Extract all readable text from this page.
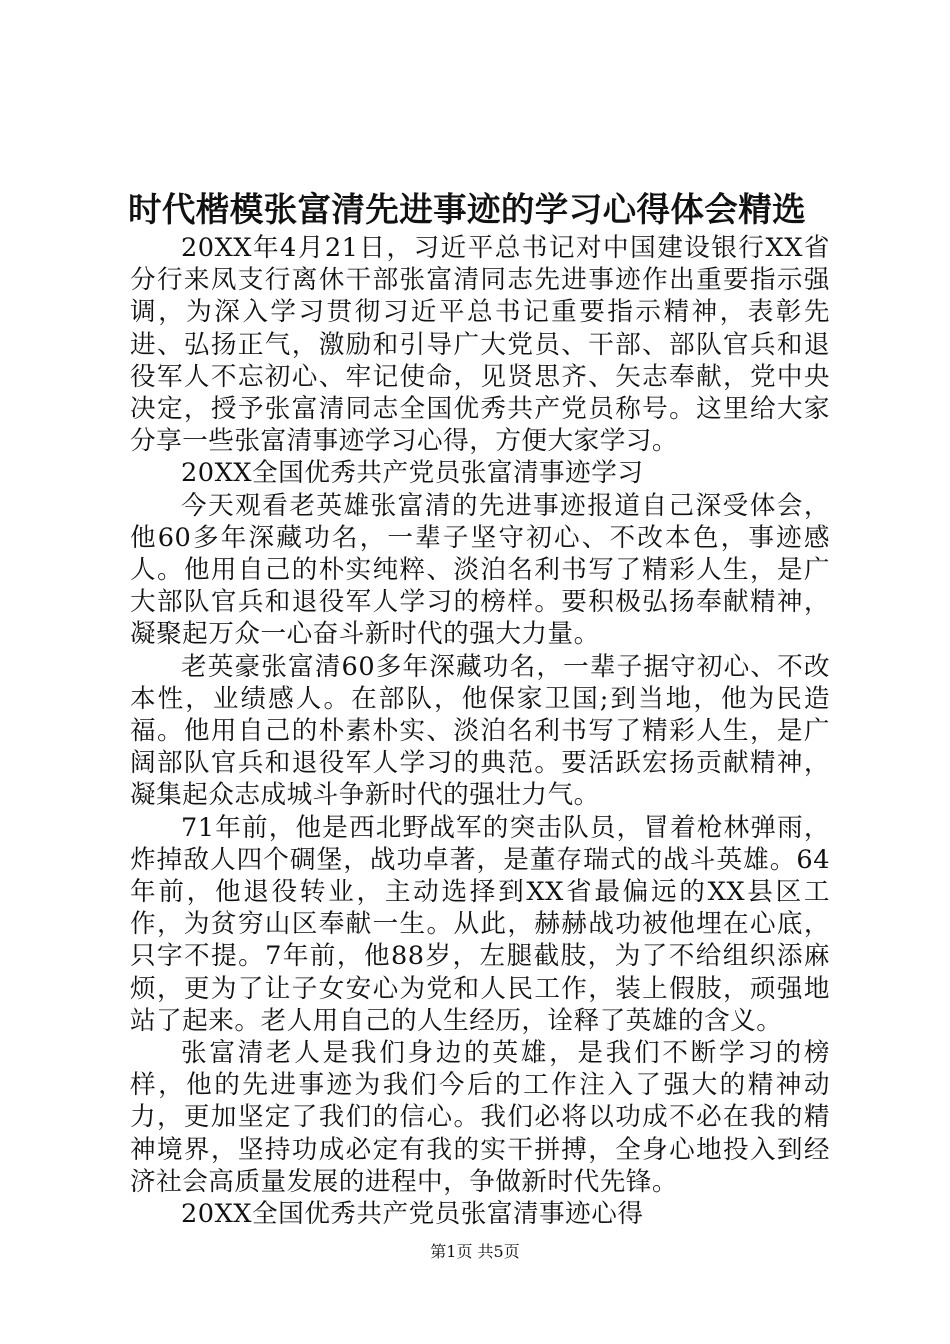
时代楷模张富清先进事迹的学习心得体会精选

20XX年4月21日，习近平总书记对中国建设银行XX省分行来凤支行离休干部张富清同志先进事迹作出重要指示强调，为深入学习贯彻习近平总书记重要指示精神，表彰先进、弘扬正气，激励和引导广大党员、干部、部队官兵和退役军人不忘初心、牢记使命，见贤思齐、矢志奉献，党中央决定，授予张富清同志全国优秀共产党员称号。这里给大家分享一些张富清事迹学习心得，方便大家学习。

20XX全国优秀共产党员张富清事迹学习

今天观看老英雄张富清的先进事迹报道自己深受体会，他60多年深藏功名，一辈子坚守初心、不改本色，事迹感人。他用自己的朴实纯粹、淡泊名利书写了精彩人生，是广大部队官兵和退役军人学习的榜样。要积极弘扬奉献精神，凝聚起万众一心奋斗新时代的强大力量。

老英豪张富清60多年深藏功名，一辈子据守初心、不改本性，业绩感人。在部队，他保家卫国;到当地，他为民造福。他用自己的朴素朴实、淡泊名利书写了精彩人生，是广阔部队官兵和退役军人学习的典范。要活跃宏扬贡献精神，凝集起众志成城斗争新时代的强壮力气。

71年前，他是西北野战军的突击队员，冒着枪林弹雨，炸掉敌人四个碉堡，战功卓著，是董存瑞式的战斗英雄。64年前，他退役转业，主动选择到XX省最偏远的XX县区工作，为贫穷山区奉献一生。从此，赫赫战功被他埋在心底，只字不提。7年前，他88岁，左腿截肢，为了不给组织添麻烦，更为了让子女安心为党和人民工作，装上假肢，顽强地站了起来。老人用自己的人生经历，诠释了英雄的含义。

张富清老人是我们身边的英雄，是我们不断学习的榜样，他的先进事迹为我们今后的工作注入了强大的精神动力，更加坚定了我们的信心。我们必将以功成不必在我的精神境界，坚持功成必定有我的实干拼搏，全身心地投入到经济社会高质量发展的进程中，争做新时代先锋。

20XX全国优秀共产党员张富清事迹心得

第1页 共5页
